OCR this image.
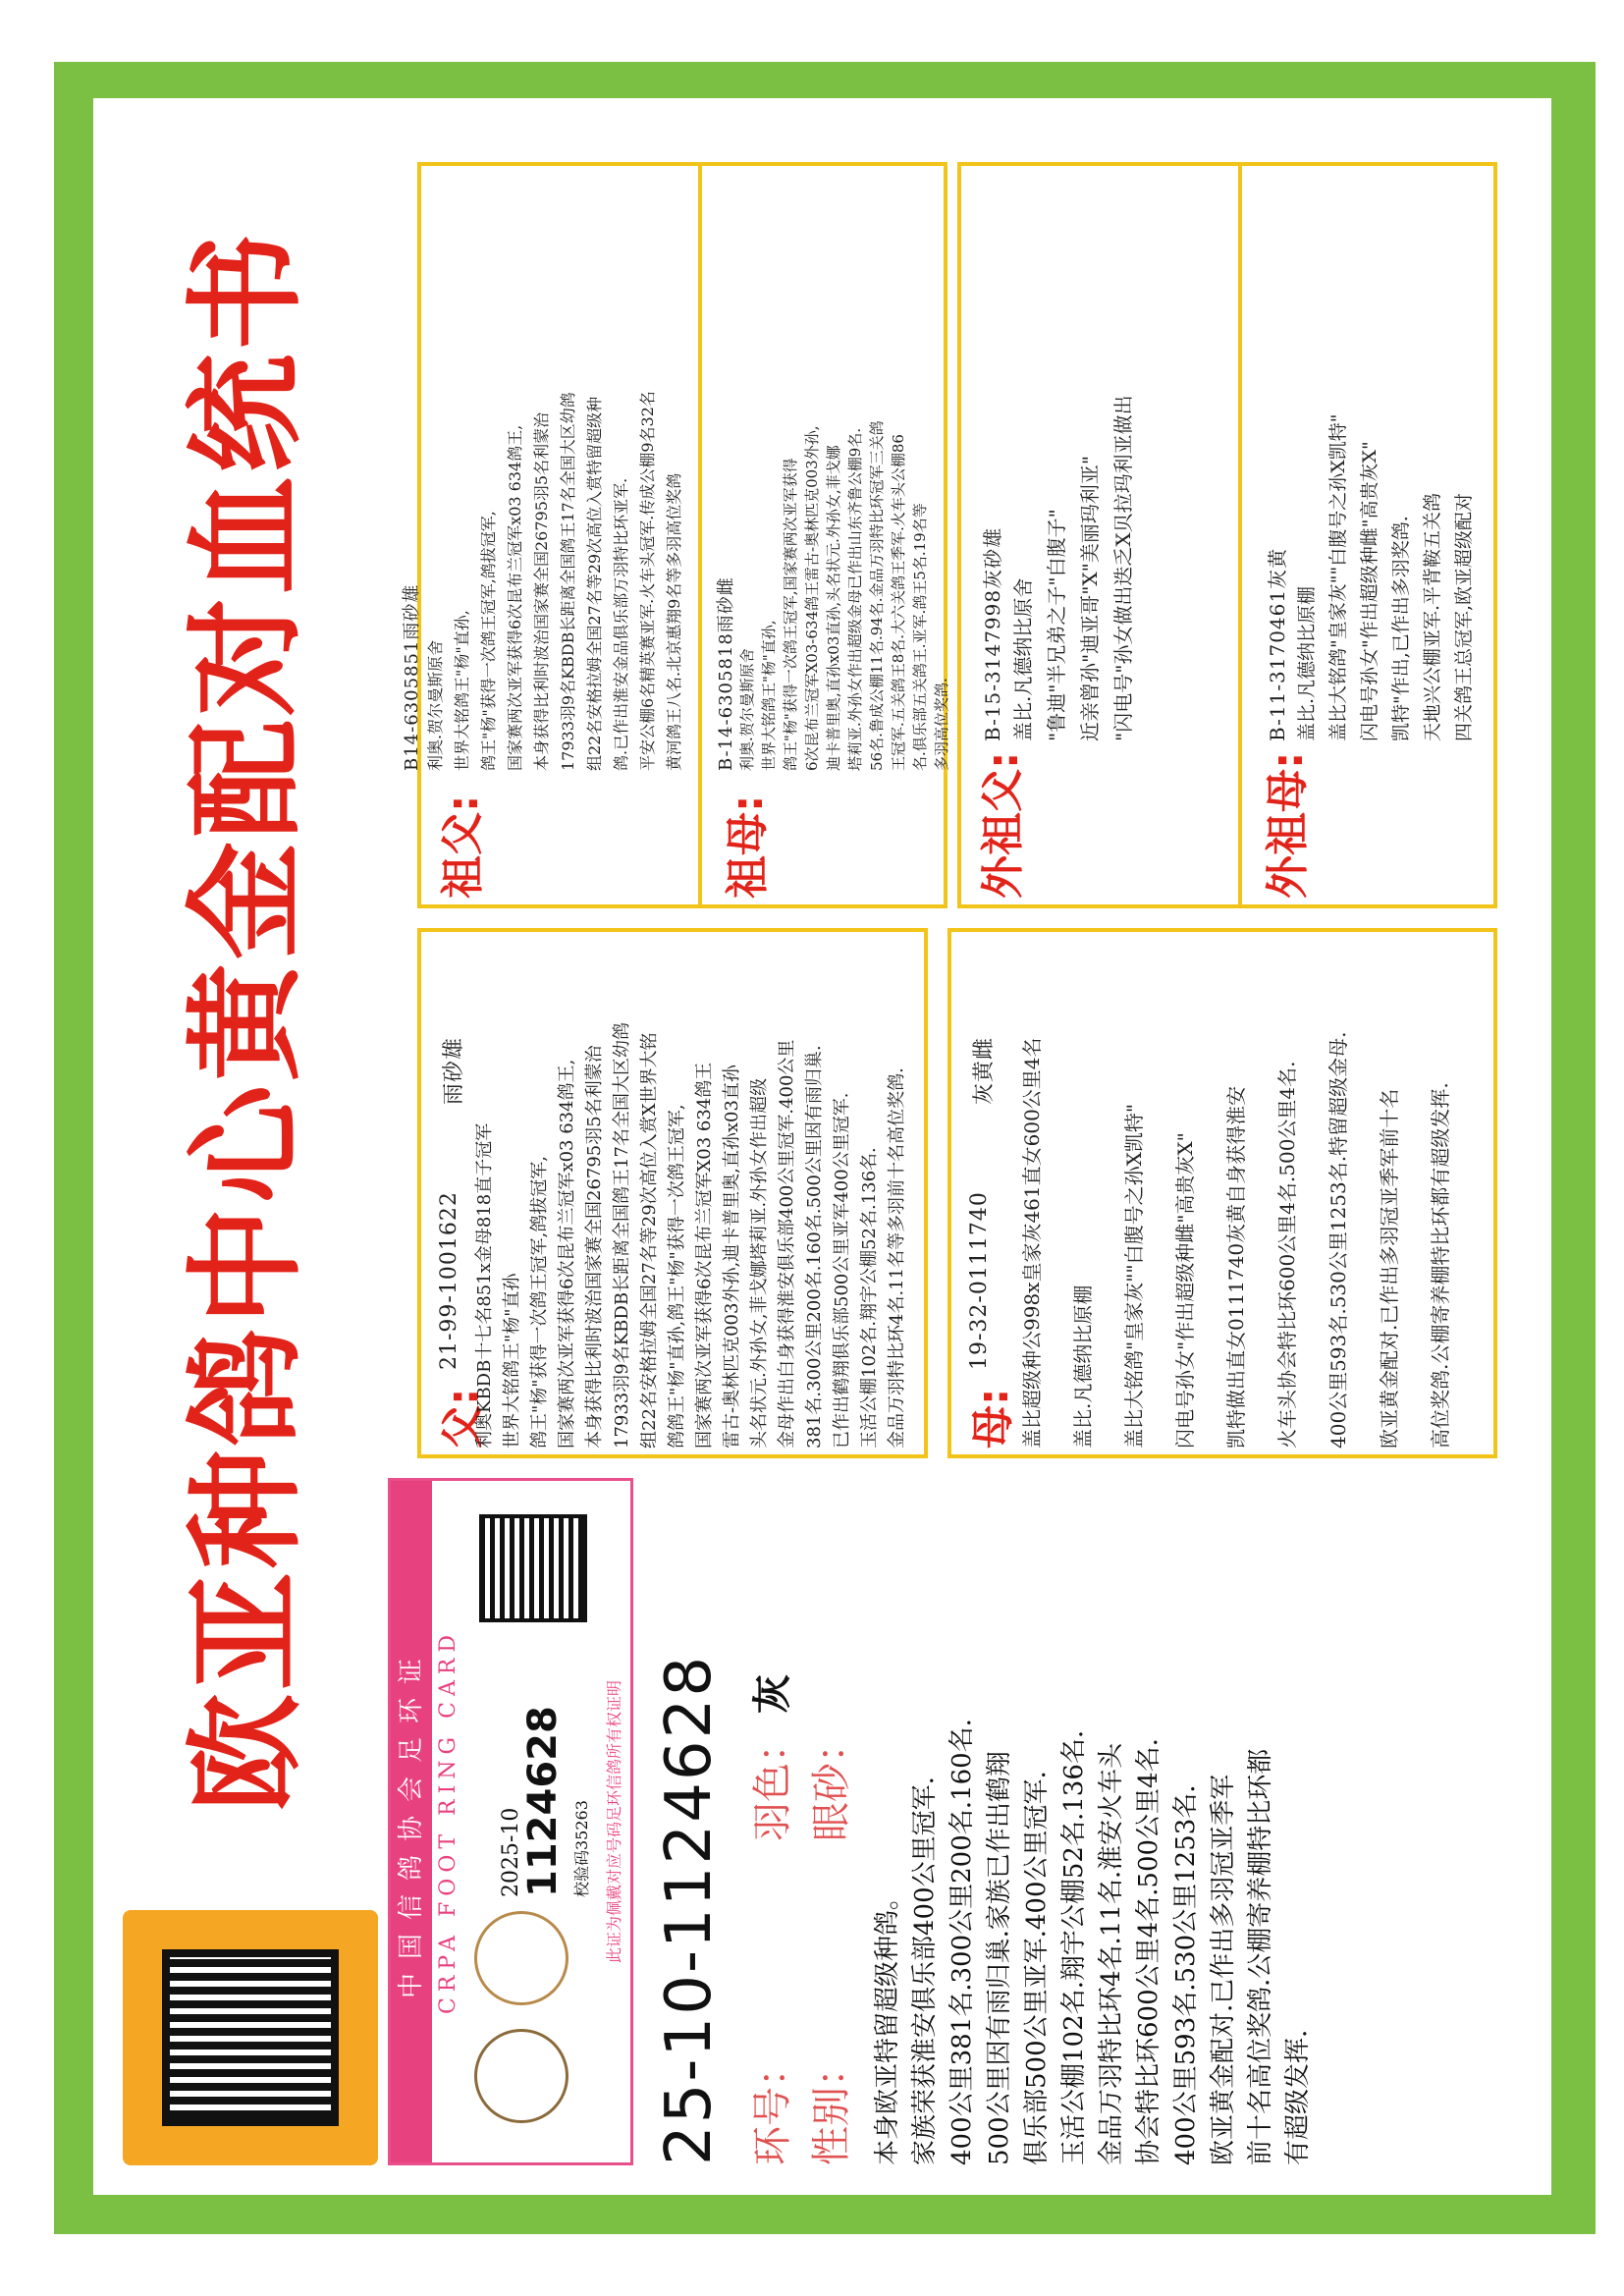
欧亚种鸽中心黄金配对血统书
中国信鸽协会足环证 CRPA FOOT RING CARD 2025-10
1124628 校验码35263 此证为佩戴对应号码足环信鸽所有权证明 25-10-1124628 环号：
羽色：
灰
性别：
眼砂：
本身欧亚特留超级种鸽。
家族荣获淮安俱乐部400公里冠军.
400公里381名.300公里200名.160名.
500公里因有雨归巢.家族已作出鹤翔
俱乐部500公里亚军.400公里冠军.
玉活公棚102名.翔宇公棚52名.136名.
金品万羽特比环4名.11名.淮安火车头
协会特比环600公里4名.500公里4名.
400公里593名.530公里1253名.
欧亚黄金配对.已作出多羽冠亚季军
前十名高位奖鸽.公棚寄养棚特比环都
有超级发挥.
父:
21-99-1001622
雨砂雄
利奥KBDB十七名851x金母818直子冠军
世界大铭鸽王"杨"直孙
鸽王"杨"获得一次鸽王冠军,鸽拔冠军,
国家赛两次亚军获得6次昆布兰冠军x03 634鸽王,
本身获得比利时波治国家赛全国26795羽5名利蒙治
17933羽9名KBDB长距离全国鸽王17名全国大区幼鸽
组22名安格拉姆全国27名等29次高位入赏X世界大铭
鸽鸽王"杨"直孙,鸽王"杨"获得一次鸽王冠军,
国家赛两次亚军获得6次昆布兰冠军X03 634鸽王
雷古-奥林匹克003外孙,迪卡普里奥,直孙x03直孙
头名状元.外孙女,菲戈娜塔莉亚.外孙女作出超级
金母作出白身获得淮安俱乐部400公里冠军.400公里
381名.300公里200名.160名.500公里因有雨归巢.
已作出鹤翔俱乐部500公里亚军400公里冠军.
玉活公棚102名.翔宇公棚52名.136名.
金品万羽特比环4名.11名等多羽前十名高位奖鸽. 母:
19-32-0111740
灰黄雌	盖比超级种公998x皇家灰461直女600公里4名
盖比.凡德纳比原棚
盖比大铭鸽"皇家灰""白腹号之孙X凯特"
闪电号孙女"作出超级种雌"高贵灰X"
凯特做出直女0111740灰黄自身获得淮安
火车头协会特比环600公里4名.500公里4名.
400公里593名.530公里1253名.特留超级金母.
欧亚黄金配对.已作出多羽冠亚季军前十名
高位奖鸽.公棚寄养棚特比环都有超级发挥.
祖父:
B14-6305851雨砂雄 利奥.贺尔曼斯原舍
世界大铭鸽王"杨"直孙,
鸽王"杨"获得一次鸽王冠军,鸽拔冠军,
国家赛两次亚军获得6次昆布兰冠军x03 634鸽王,
本身获得比利时波治国家赛全国26795羽5名利蒙治
17933羽9名KBDB长距离全国鸽王17名全国大区幼鸽
组22名安格拉姆全国27名等29次高位入赏特留超级种
鸽.已作出淮安金品俱乐部万羽特比环亚军.
平安公棚6名精英赛亚军.火车头冠军.传成公棚9名32名
黄河鸽王八名.北京惠翔9名等多羽高位奖鸽
祖母:
B-14-6305818雨砂雌 利奥.贺尔曼斯原舍
世界大铭鸽王"杨"直孙,
鸽王"杨"获得一次鸽王冠军,国家赛两次亚军获得
6次昆布兰冠军X03-634鸽王雷古-奥林匹克003外孙,
迪卡普里奥,直孙x03直孙,头名状元.外孙女,菲戈娜
塔莉亚.外孙女作出超级金母已作出山东齐鲁公棚9名.
56名.鲁成公棚11名.94名.金品万羽特比环冠军三关鸽
王冠军.五关鸽王8名.大六关鸽王季军.火车头公棚86
名.俱乐部五关鸽王.亚军.鸽王5名.19名等
多羽高位奖鸽.
外祖父:
B-15-3147998灰砂雄 盖比.凡德纳比原舍
"鲁迪"半兄弟之子"白腹子"
近亲曾孙"迪亚哥"X"美丽玛利亚"
"闪电号"孙女做出迭乏X贝拉玛利亚做出
外祖母:
B-11-3170461灰黄 盖比.凡德纳比原棚
盖比大铭鸽"皇家灰""白腹号之孙X凯特"
闪电号孙女"作出超级种雌"高贵灰X"
凯特"作出,已作出多羽奖鸽.
天地兴公棚亚军.平背鞍五关鸽
四关鸽王总冠军,欧亚超级配对
